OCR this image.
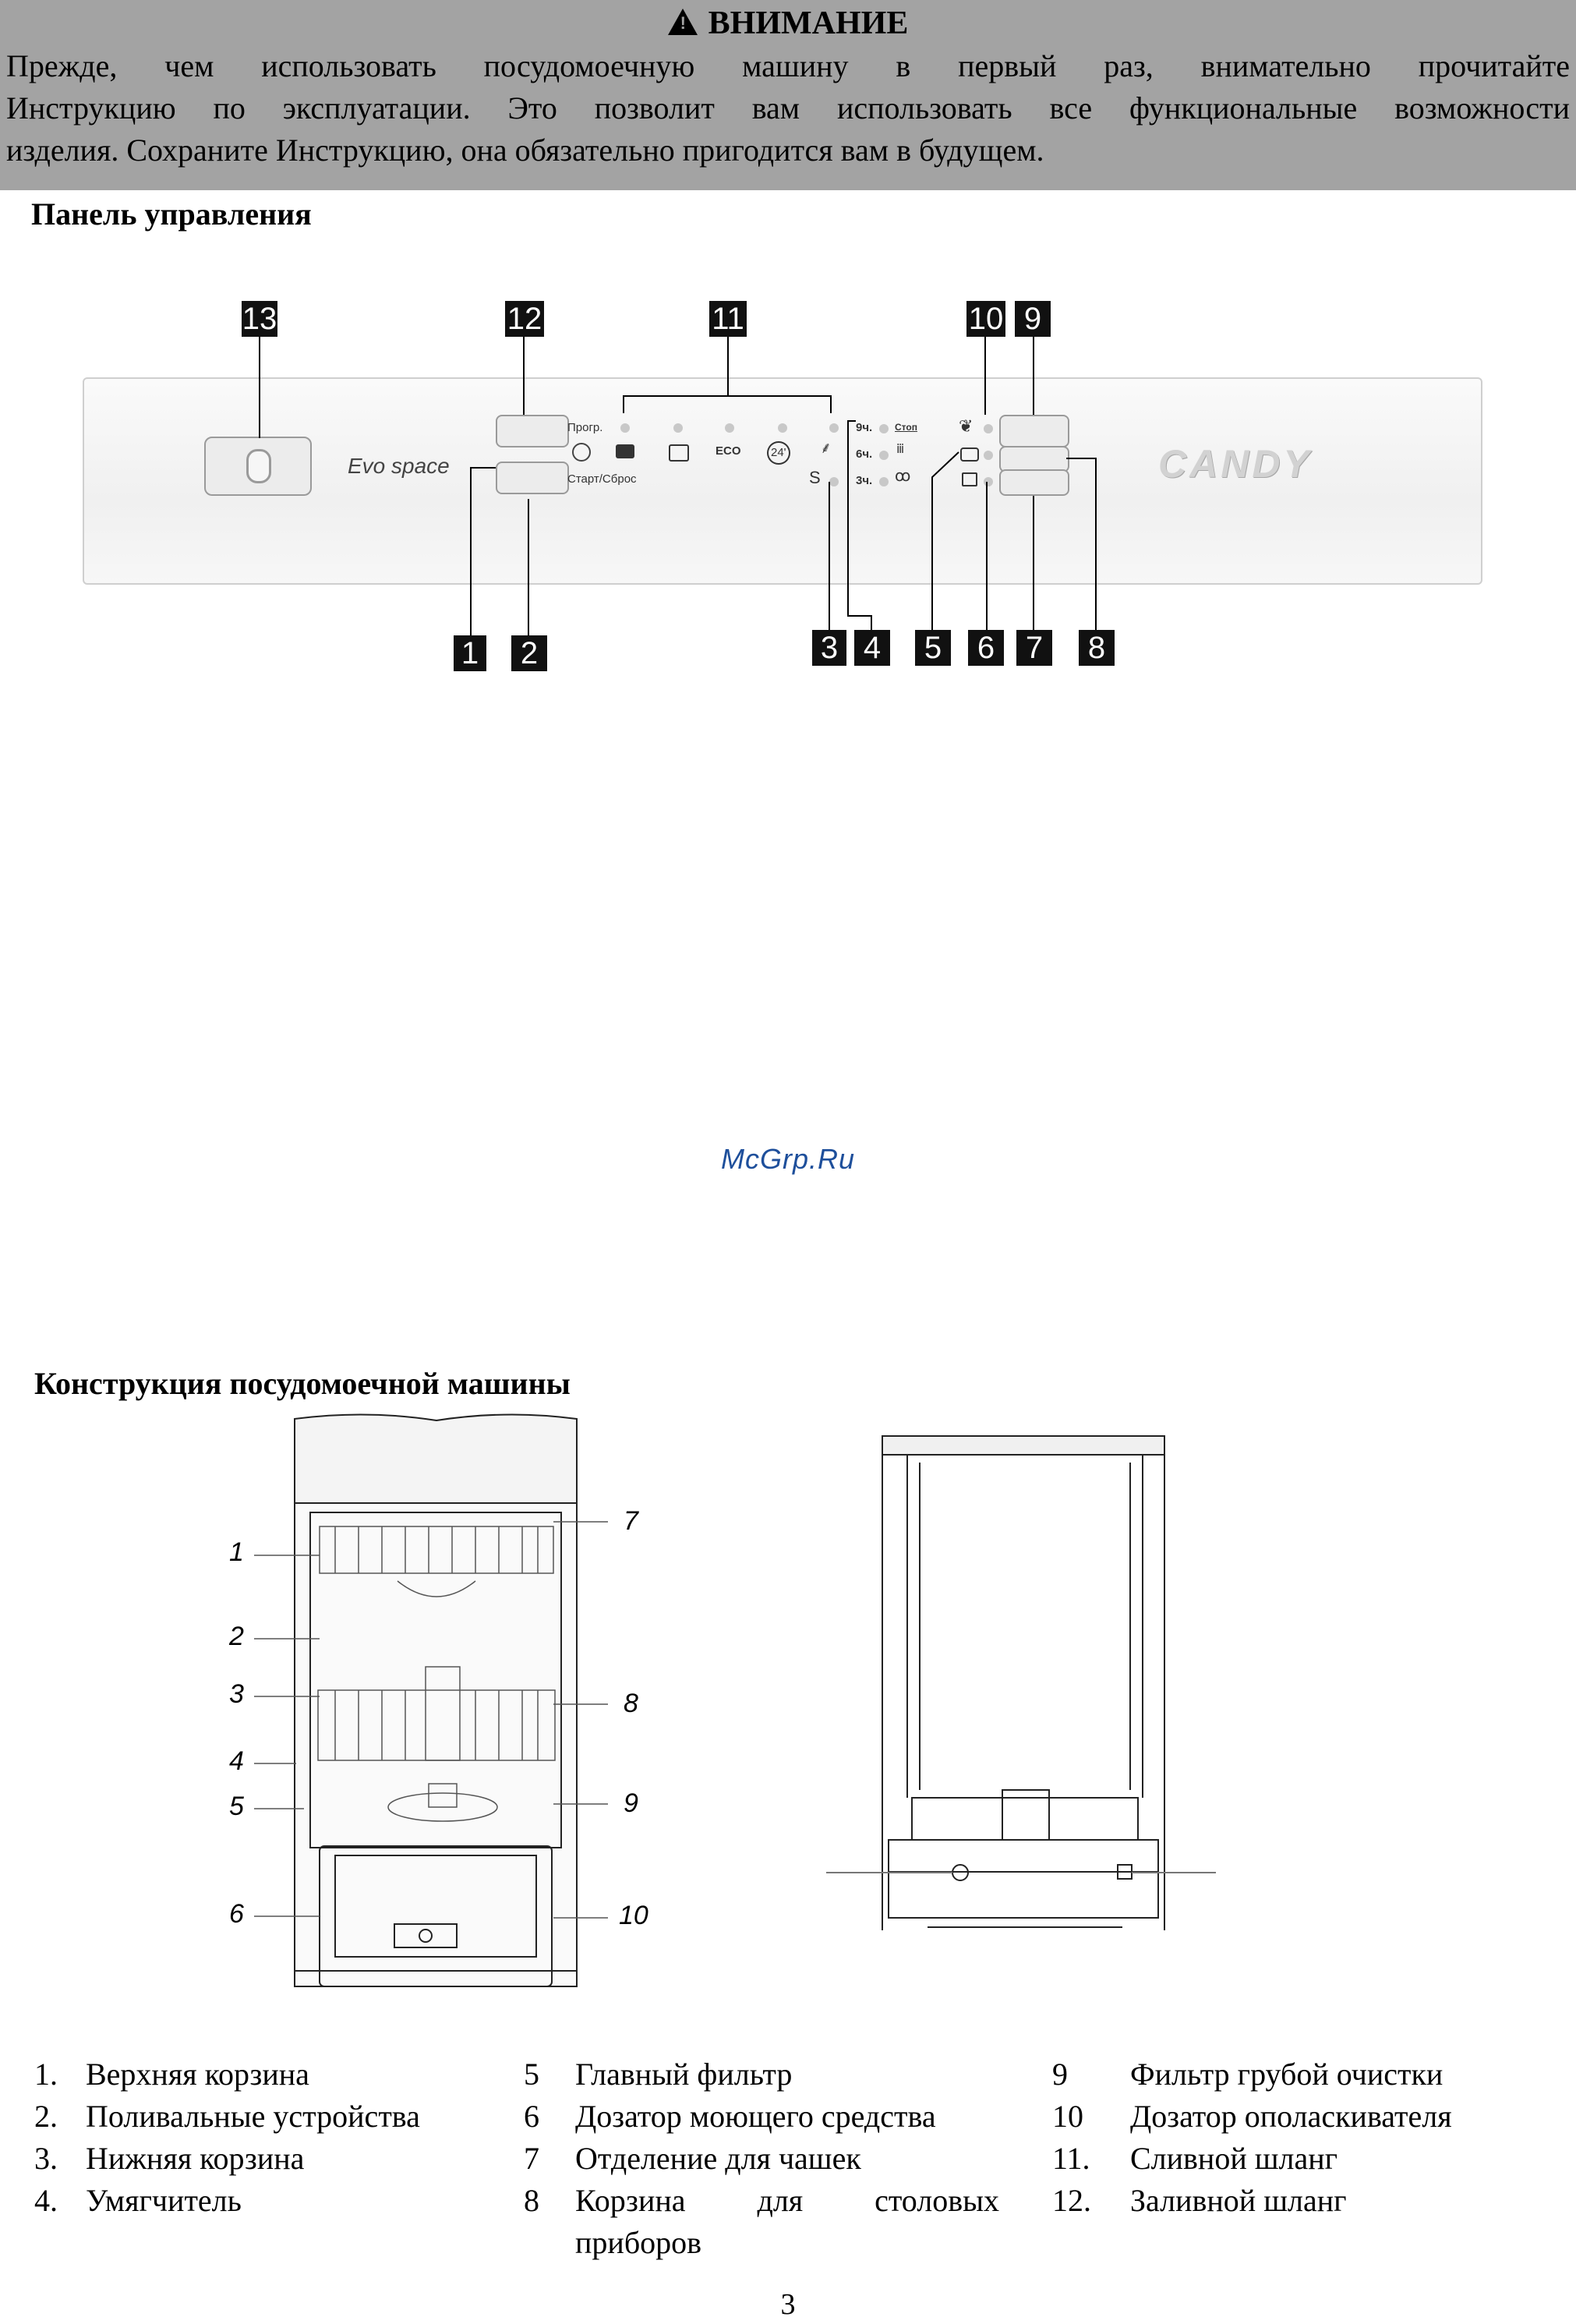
! ВНИМАНИЕ
Прежде, чем использовать посудомоечную машину в первый раз, внимательно прочитайте
Инструкцию по эксплуатации. Это позволит вам использовать все функциональные возможности
изделия. Сохраните Инструкцию, она обязательно пригодится вам в будущем.
Панель управления
13	12	11	10 9
Evo space
Прогр.
Старт/Сброс
ECO	24' ⸙
S
9ч.
6ч.
3ч.
Стоп
ⅲ
ꝏ
❦
CANDY
1 2	3 4 5 6 7 8
McGrp.Ru
Конструкция посудомоечной машины
1
2
3
4
5
6
7
8
9
10
1. Верхняя корзина
2. Поливальные устройства
3. Нижняя корзина
4. Умягчитель
5 Главный фильтр
6 Дозатор моющего средства
7 Отделение для чашек
8 Корзина для столовых
приборов
9 Фильтр грубой очистки
10 Дозатор ополаскивателя
11. Сливной шланг
12. Заливной шланг
3
